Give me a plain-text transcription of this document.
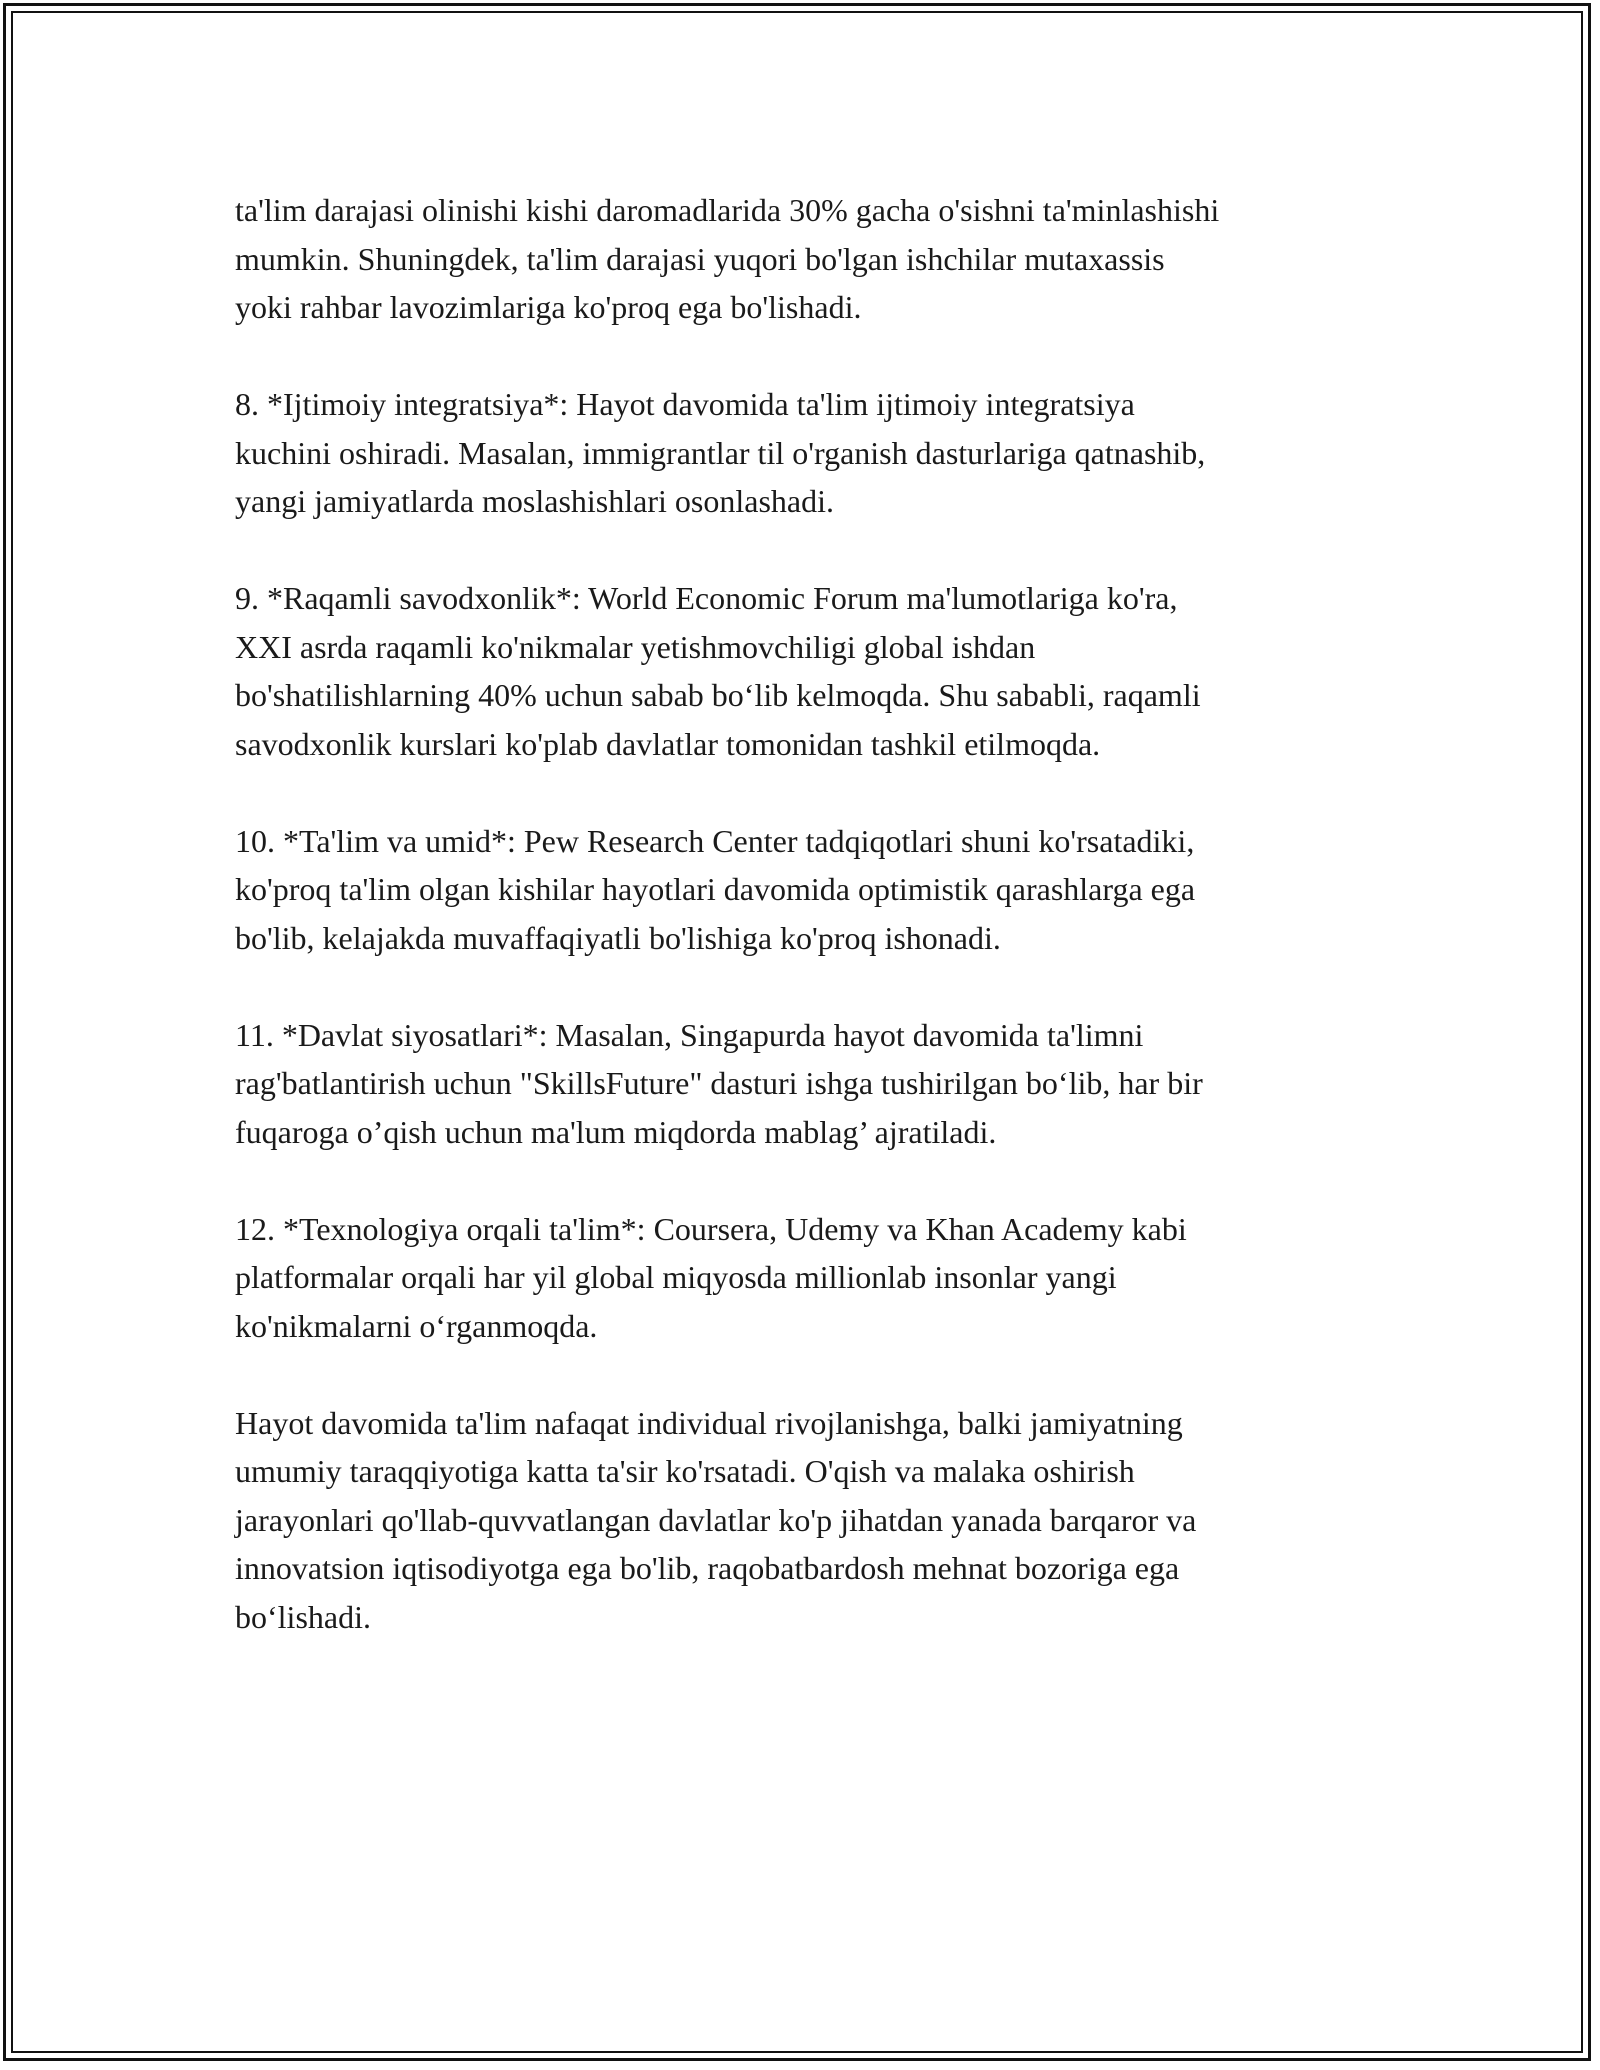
ta'lim darajasi olinishi kishi daromadlarida 30% gacha o'sishni ta'minlashishi
mumkin. Shuningdek, ta'lim darajasi yuqori bo'lgan ishchilar mutaxassis
yoki rahbar lavozimlariga ko'proq ega bo'lishadi.

8. *Ijtimoiy integratsiya*: Hayot davomida ta'lim ijtimoiy integratsiya
kuchini oshiradi. Masalan, immigrantlar til o'rganish dasturlariga qatnashib,
yangi jamiyatlarda moslashishlari osonlashadi.

9. *Raqamli savodxonlik*: World Economic Forum ma'lumotlariga ko'ra,
XXI asrda raqamli ko'nikmalar yetishmovchiligi global ishdan
bo'shatilishlarning 40% uchun sabab bo‘lib kelmoqda. Shu sababli, raqamli
savodxonlik kurslari ko'plab davlatlar tomonidan tashkil etilmoqda.

10. *Ta'lim va umid*: Pew Research Center tadqiqotlari shuni ko'rsatadiki,
ko'proq ta'lim olgan kishilar hayotlari davomida optimistik qarashlarga ega
bo'lib, kelajakda muvaffaqiyatli bo'lishiga ko'proq ishonadi.

11. *Davlat siyosatlari*: Masalan, Singapurda hayot davomida ta'limni
rag'batlantirish uchun "SkillsFuture" dasturi ishga tushirilgan bo‘lib, har bir
fuqaroga o’qish uchun ma'lum miqdorda mablag’ ajratiladi.

12. *Texnologiya orqali ta'lim*: Coursera, Udemy va Khan Academy kabi
platformalar orqali har yil global miqyosda millionlab insonlar yangi
ko'nikmalarni o‘rganmoqda.

Hayot davomida ta'lim nafaqat individual rivojlanishga, balki jamiyatning
umumiy taraqqiyotiga katta ta'sir ko'rsatadi. O'qish va malaka oshirish
jarayonlari qo'llab-quvvatlangan davlatlar ko'p jihatdan yanada barqaror va
innovatsion iqtisodiyotga ega bo'lib, raqobatbardosh mehnat bozoriga ega
bo‘lishadi.
